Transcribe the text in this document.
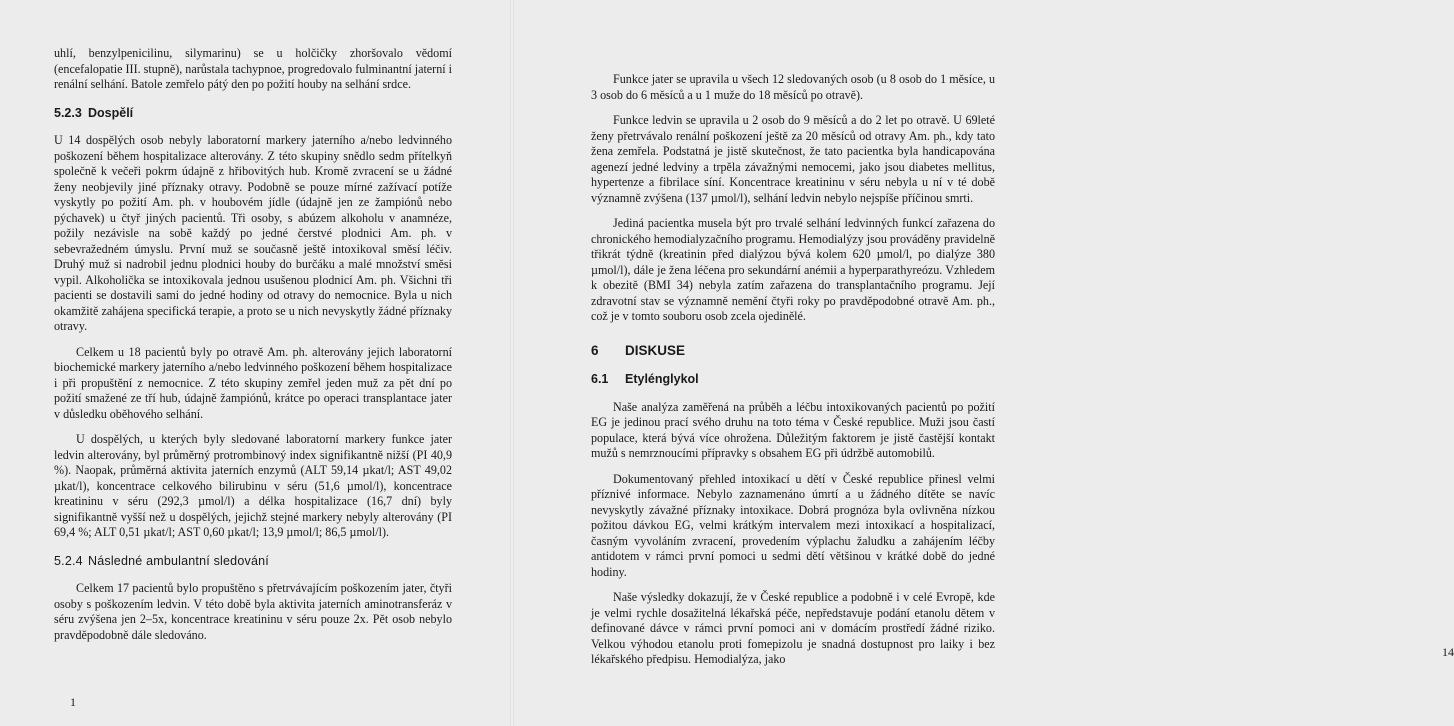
uhlí, benzylpenicilinu, silymarinu) se u holčičky zhoršovalo vědomí (encefalopatie III. stupně), narůstala tachypnoe, progredovalo fulminantní jaterní i renální selhání. Batole zemřelo pátý den po požití houby na selhání srdce.

5.2.3 Dospělí

U 14 dospělých osob nebyly laboratorní markery jaterního a/nebo ledvinného poškození během hospitalizace alterovány. Z této skupiny snědlo sedm přítelkyň společně k večeři pokrm údajně z hřibovitých hub. Kromě zvracení se u žádné ženy neobjevily jiné příznaky otravy. Podobně se pouze mírné zažívací potíže vyskytly po požití Am. ph. v houbovém jídle (údajně jen ze žampiónů nebo pýchavek) u čtyř jiných pacientů. Tři osoby, s abúzem alkoholu v anamnéze, požily nezávisle na sobě každý po jedné čerstvé plodnici Am. ph. v sebevražedném úmyslu. První muž se současně ještě intoxikoval směsí léčiv. Druhý muž si nadrobil jednu plodnici houby do burčáku a malé množství směsi vypil. Alkoholička se intoxikovala jednou usušenou plodnicí Am. ph. Všichni tři pacienti se dostavili sami do jedné hodiny od otravy do nemocnice. Byla u nich okamžitě zahájena specifická terapie, a proto se u nich nevyskytly žádné příznaky otravy.

Celkem u 18 pacientů byly po otravě Am. ph. alterovány jejich laboratorní biochemické markery jaterního a/nebo ledvinného poškození během hospitalizace i při propuštění z nemocnice. Z této skupiny zemřel jeden muž za pět dní po požití smažené ze tří hub, údajně žampiónů, krátce po operaci transplantace jater v důsledku oběhového selhání.

U dospělých, u kterých byly sledované laboratorní markery funkce jater ledvin alterovány, byl průměrný protrombinový index signifikantně nižší (PI 40,9 %). Naopak, průměrná aktivita jaterních enzymů (ALT 59,14 µkat/l; AST 49,02 µkat/l), koncentrace celkového bilirubinu v séru (51,6 µmol/l), koncentrace kreatininu v séru (292,3 µmol/l) a délka hospitalizace (16,7 dní) byly signifikantně vyšší než u dospělých, jejichž stejné markery nebyly alterovány (PI 69,4 %; ALT 0,51 µkat/l; AST 0,60 µkat/l; 13,9 µmol/l; 86,5 µmol/l).

5.2.4 Následné ambulantní sledování

Celkem 17 pacientů bylo propuštěno s přetrvávajícím poškozením jater, čtyři osoby s poškozením ledvin. V této době byla aktivita jaterních aminotransferáz v séru zvýšena jen 2–5x, koncentrace kreatininu v séru pouze 2x. Pět osob nebylo pravděpodobně dále sledováno.

1

Funkce jater se upravila u všech 12 sledovaných osob (u 8 osob do 1 měsíce, u 3 osob do 6 měsíců a u 1 muže do 18 měsíců po otravě).

Funkce ledvin se upravila u 2 osob do 9 měsíců a do 2 let po otravě. U 69leté ženy přetrvávalo renální poškození ještě za 20 měsíců od otravy Am. ph., kdy tato žena zemřela. Podstatná je jistě skutečnost, že tato pacientka byla handicapována agenezí jedné ledviny a trpěla závažnými nemocemi, jako jsou diabetes mellitus, hypertenze a fibrilace síní. Koncentrace kreatininu v séru nebyla u ní v té době významně zvýšena (137 µmol/l), selhání ledvin nebylo nejspíše příčinou smrti.

Jediná pacientka musela být pro trvalé selhání ledvinných funkcí zařazena do chronického hemodialyzačního programu. Hemodialýzy jsou prováděny pravidelně třikrát týdně (kreatinin před dialýzou bývá kolem 620 µmol/l, po dialýze 380 µmol/l), dále je žena léčena pro sekundární anémii a hyperparathyreózu. Vzhledem k obezitě (BMI 34) nebyla zatím zařazena do transplantačního programu. Její zdravotní stav se významně nemění čtyři roky po pravděpodobné otravě Am. ph., což je v tomto souboru osob zcela ojedinělé.

6 DISKUSE
6.1 Etylénglykol

Naše analýza zaměřená na průběh a léčbu intoxikovaných pacientů po požití EG je jedinou prací svého druhu na toto téma v České republice. Muži jsou častí populace, která bývá více ohrožena. Důležitým faktorem je jistě častější kontakt mužů s nemrznoucími přípravky s obsahem EG při údržbě automobilů.

Dokumentovaný přehled intoxikací u dětí v České republice přinesl velmi příznivé informace. Nebylo zaznamenáno úmrtí a u žádného dítěte se navíc nevyskytly závažné příznaky intoxikace. Dobrá prognóza byla ovlivněna nízkou požitou dávkou EG, velmi krátkým intervalem mezi intoxikací a hospitalizací, časným vyvoláním zvracení, provedením výplachu žaludku a zahájením léčby antidotem v rámci první pomoci u sedmi dětí většinou v krátké době do jedné hodiny.

Naše výsledky dokazují, že v České republice a podobně i v celé Evropě, kde je velmi rychle dosažitelná lékařská péče, nepředstavuje podání etanolu dětem v definované dávce v rámci první pomoci ani v domácím prostředí žádné riziko. Velkou výhodou etanolu proti fomepizolu je snadná dostupnost pro laiky i bez lékařského předpisu. Hemodialýza, jako	14
